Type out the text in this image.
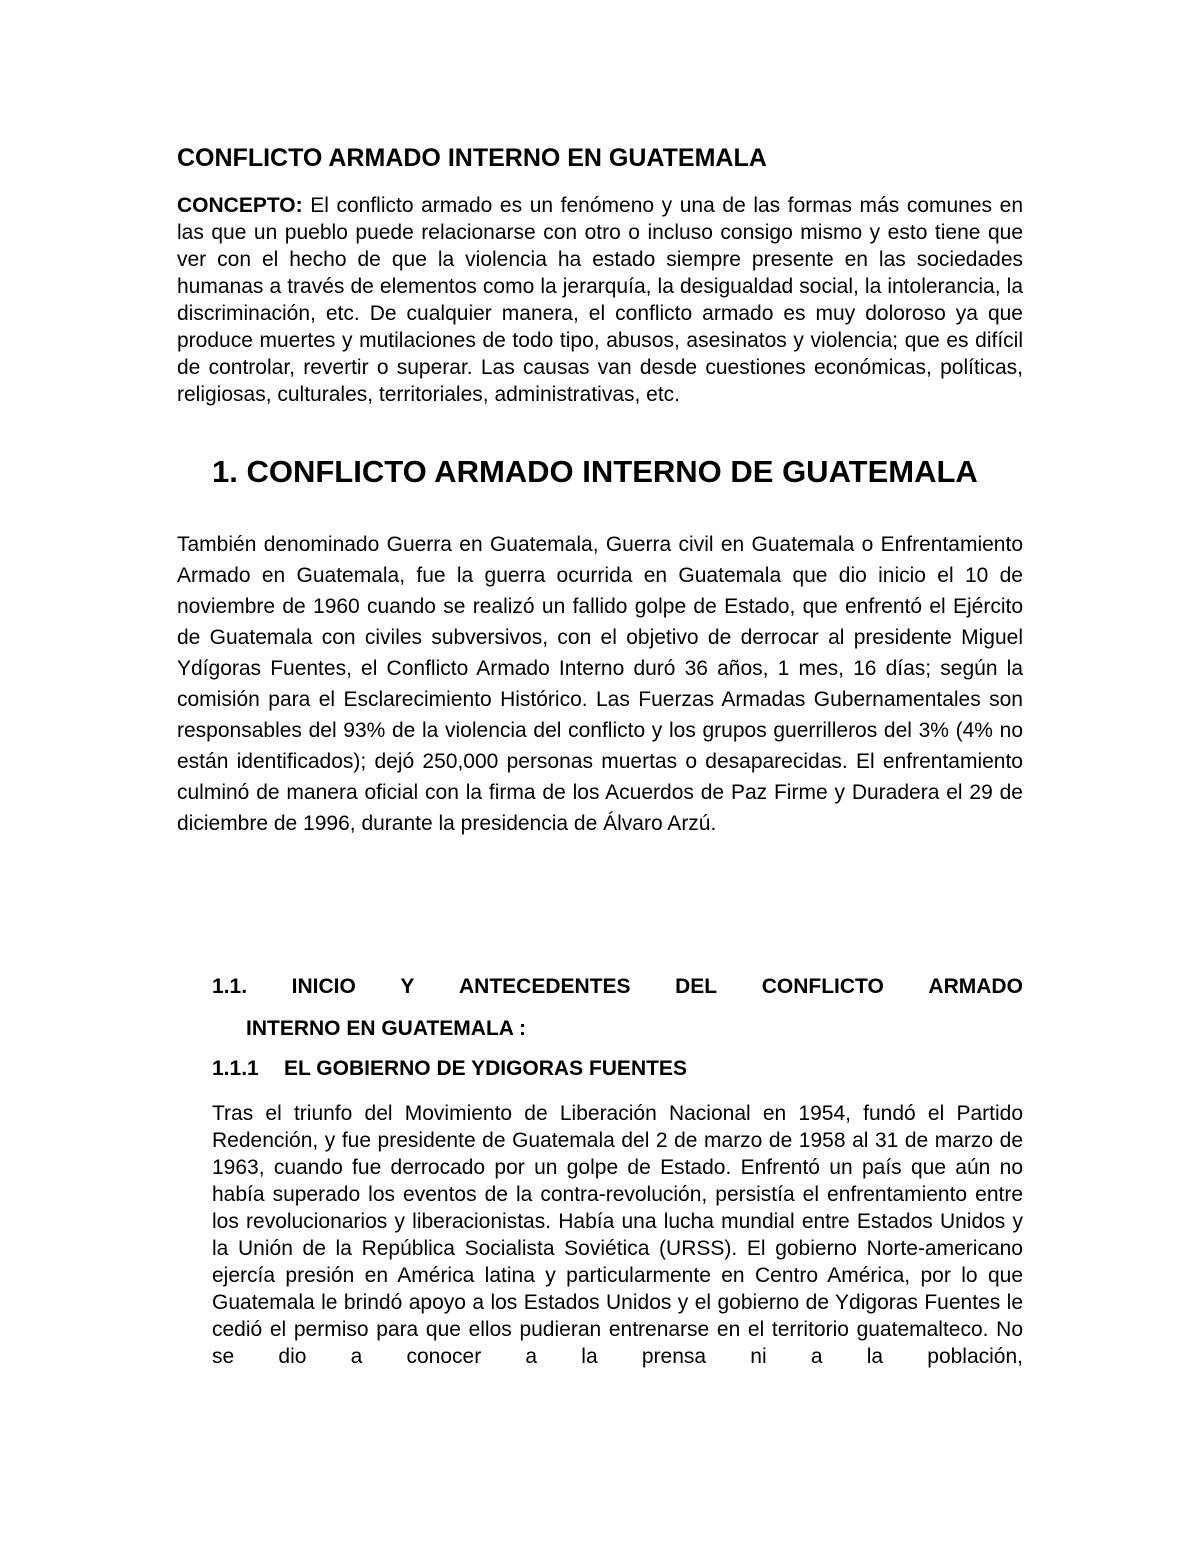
CONFLICTO ARMADO INTERNO EN GUATEMALA

CONCEPTO: El conflicto armado es un fenómeno y una de las formas más comunes en las que un pueblo puede relacionarse con otro o incluso consigo mismo y esto tiene que ver con el hecho de que la violencia ha estado siempre presente en las sociedades humanas a través de elementos como la jerarquía, la desigualdad social, la intolerancia, la discriminación, etc. De cualquier manera, el conflicto armado es muy doloroso ya que produce muertes y mutilaciones de todo tipo, abusos, asesinatos y violencia; que es difícil de controlar, revertir o superar. Las causas van desde cuestiones económicas, políticas, religiosas, culturales, territoriales, administrativas, etc.

1. CONFLICTO ARMADO INTERNO DE GUATEMALA

También denominado Guerra en Guatemala, Guerra civil en Guatemala o Enfrentamiento Armado en Guatemala, fue la guerra ocurrida en Guatemala que dio inicio el 10 de noviembre de 1960 cuando se realizó un fallido golpe de Estado, que enfrentó el Ejército de Guatemala con civiles subversivos, con el objetivo de derrocar al presidente Miguel Ydígoras Fuentes, el Conflicto Armado Interno duró 36 años, 1 mes, 16 días; según la comisión para el Esclarecimiento Histórico. Las Fuerzas Armadas Gubernamentales son responsables del 93% de la violencia del conflicto y los grupos guerrilleros del 3% (4% no están identificados); dejó 250,000 personas muertas o desaparecidas. El enfrentamiento culminó de manera oficial con la firma de los Acuerdos de Paz Firme y Duradera el 29 de diciembre de 1996, durante la presidencia de Álvaro Arzú.

1.1. INICIO Y ANTECEDENTES DEL CONFLICTO ARMADO
INTERNO EN GUATEMALA :
1.1.1 EL GOBIERNO DE YDIGORAS FUENTES

Tras el triunfo del Movimiento de Liberación Nacional en 1954, fundó el Partido Redención, y fue presidente de Guatemala del 2 de marzo de 1958 al 31 de marzo de 1963, cuando fue derrocado por un golpe de Estado. Enfrentó un país que aún no había superado los eventos de la contra-revolución, persistía el enfrentamiento entre los revolucionarios y liberacionistas. Había una lucha mundial entre Estados Unidos y la Unión de la República Socialista Soviética (URSS). El gobierno Norte-americano ejercía presión en América latina y particularmente en Centro América, por lo que Guatemala le brindó apoyo a los Estados Unidos y el gobierno de Ydigoras Fuentes le cedió el permiso para que ellos pudieran entrenarse en el territorio guatemalteco. No se dio a conocer a la prensa ni a la población,
